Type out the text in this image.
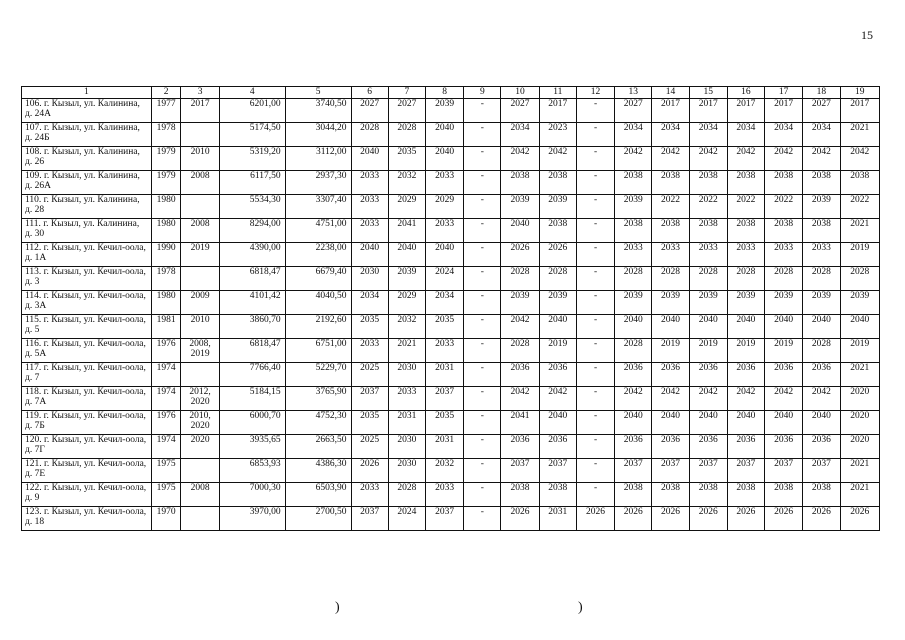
15
1	2	3	4	5	6	7	8	9	10	11	12	13	14	15	16	17	18	19
106. г. Кызыл, ул. Калинина, д. 24А	1977	2017	6201,00	3740,50	2027	2027	2039	-	2027	2017	-	2027	2017	2017	2017	2017	2027	2017
107. г. Кызыл, ул. Калинина, д. 24Б	1978		5174,50	3044,20	2028	2028	2040	-	2034	2023	-	2034	2034	2034	2034	2034	2034	2021
108. г. Кызыл, ул. Калинина, д. 26	1979	2010	5319,20	3112,00	2040	2035	2040	-	2042	2042	-	2042	2042	2042	2042	2042	2042	2042
109. г. Кызыл, ул. Калинина, д. 26А	1979	2008	6117,50	2937,30	2033	2032	2033	-	2038	2038	-	2038	2038	2038	2038	2038	2038	2038
110. г. Кызыл, ул. Калинина, д. 28	1980		5534,30	3307,40	2033	2029	2029	-	2039	2039	-	2039	2022	2022	2022	2022	2039	2022
111. г. Кызыл, ул. Калинина, д. 30	1980	2008	8294,00	4751,00	2033	2041	2033	-	2040	2038	-	2038	2038	2038	2038	2038	2038	2021
112. г. Кызыл, ул. Кечил-оола, д. 1А	1990	2019	4390,00	2238,00	2040	2040	2040	-	2026	2026	-	2033	2033	2033	2033	2033	2033	2019
113. г. Кызыл, ул. Кечил-оола, д. 3	1978		6818,47	6679,40	2030	2039	2024	-	2028	2028	-	2028	2028	2028	2028	2028	2028	2028
114. г. Кызыл, ул. Кечил-оола, д. 3А	1980	2009	4101,42	4040,50	2034	2029	2034	-	2039	2039	-	2039	2039	2039	2039	2039	2039	2039
115. г. Кызыл, ул. Кечил-оола, д. 5	1981	2010	3860,70	2192,60	2035	2032	2035	-	2042	2040	-	2040	2040	2040	2040	2040	2040	2040
116. г. Кызыл, ул. Кечил-оола, д. 5А	1976	2008, 2019	6818,47	6751,00	2033	2021	2033	-	2028	2019	-	2028	2019	2019	2019	2019	2028	2019
117. г. Кызыл, ул. Кечил-оола, д. 7	1974		7766,40	5229,70	2025	2030	2031	-	2036	2036	-	2036	2036	2036	2036	2036	2036	2021
118. г. Кызыл, ул. Кечил-оола, д. 7А	1974	2012, 2020	5184,15	3765,90	2037	2033	2037	-	2042	2042	-	2042	2042	2042	2042	2042	2042	2020
119. г. Кызыл, ул. Кечил-оола, д. 7Б	1976	2010, 2020	6000,70	4752,30	2035	2031	2035	-	2041	2040	-	2040	2040	2040	2040	2040	2040	2020
120. г. Кызыл, ул. Кечил-оола, д. 7Г	1974	2020	3935,65	2663,50	2025	2030	2031	-	2036	2036	-	2036	2036	2036	2036	2036	2036	2020
121. г. Кызыл, ул. Кечил-оола, д. 7Е	1975		6853,93	4386,30	2026	2030	2032	-	2037	2037	-	2037	2037	2037	2037	2037	2037	2021
122. г. Кызыл, ул. Кечил-оола, д. 9	1975	2008	7000,30	6503,90	2033	2028	2033	-	2038	2038	-	2038	2038	2038	2038	2038	2038	2021
123. г. Кызыл, ул. Кечил-оола, д. 18	1970		3970,00	2700,50	2037	2024	2037	-	2026	2031	2026	2026	2026	2026	2026	2026	2026	2026
)	)
